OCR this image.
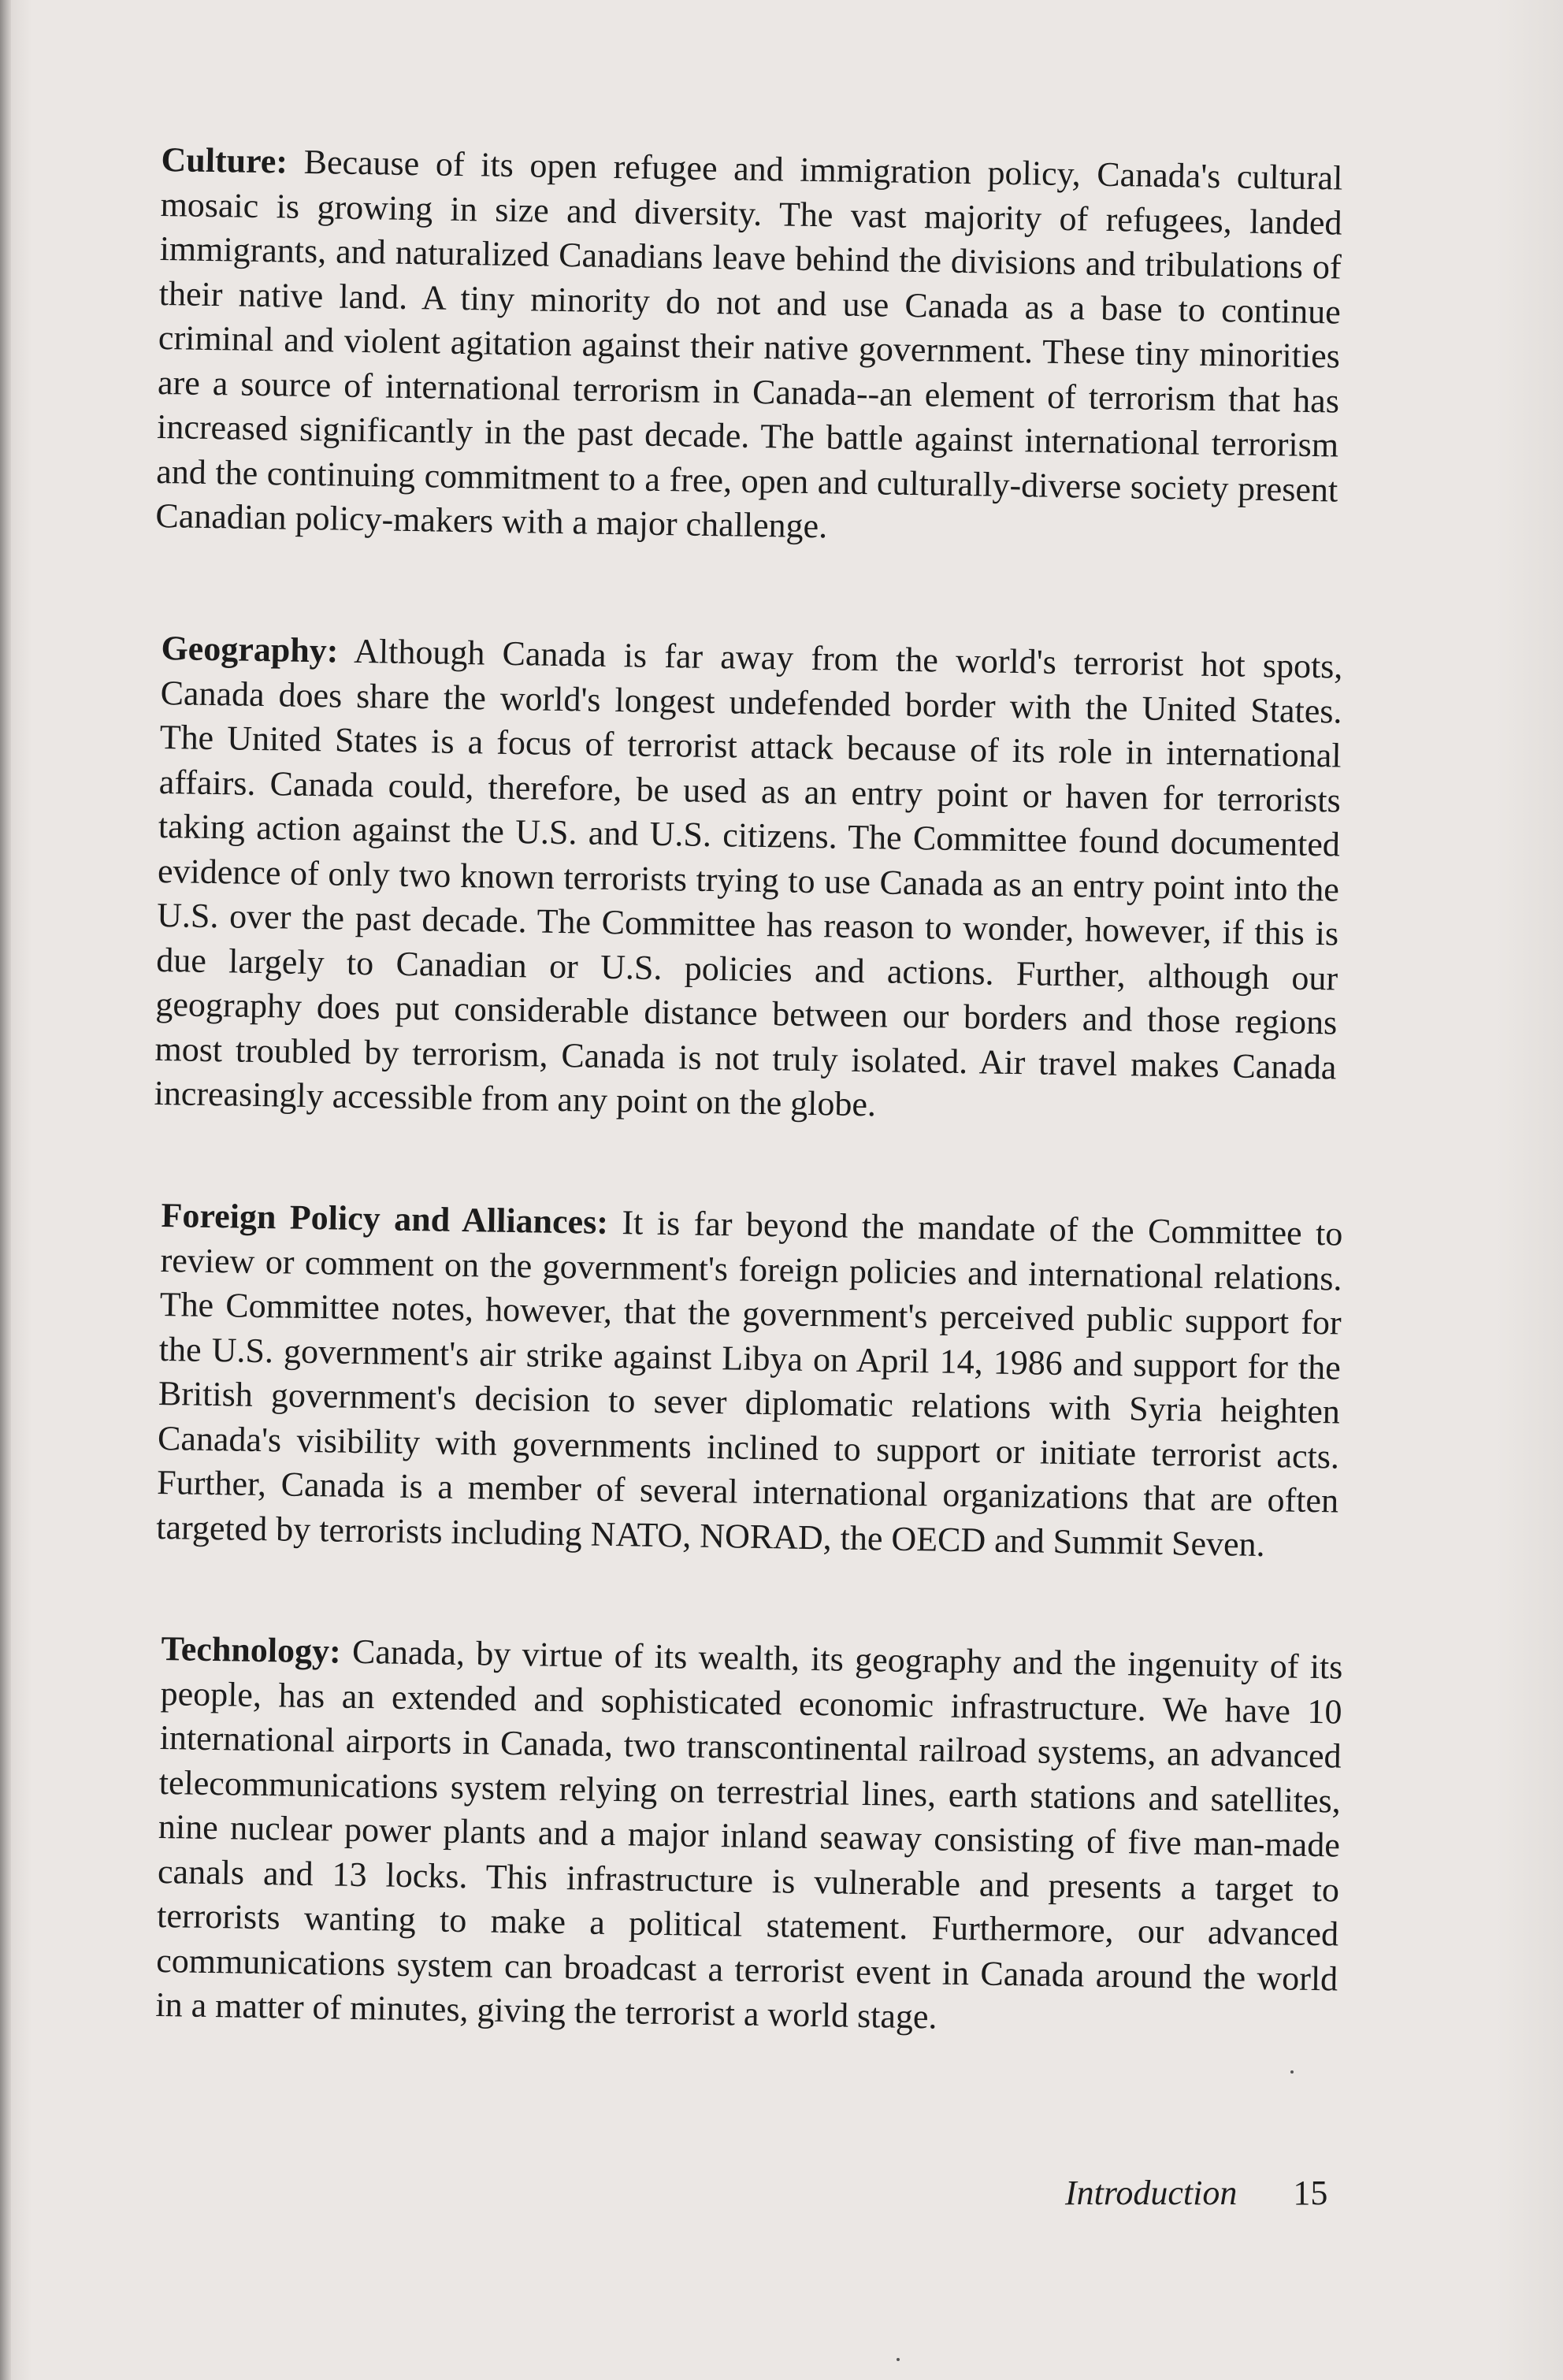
Culture: Because of its open refugee and immigration policy, Canada's cultural mosaic is growing in size and diversity. The vast majority of refugees, landed immigrants, and naturalized Canadians leave behind the divisions and tribulations of their native land. A tiny minority do not and use Canada as a base to continue criminal and violent agitation against their native government. These tiny minorities are a source of international terrorism in Canada--an element of terrorism that has increased significantly in the past decade. The battle against international terrorism and the continuing commitment to a free, open and culturally-diverse society present Canadian policy-makers with a major challenge.

Geography: Although Canada is far away from the world's terrorist hot spots, Canada does share the world's longest undefended border with the United States. The United States is a focus of terrorist attack because of its role in international affairs. Canada could, therefore, be used as an entry point or haven for terrorists taking action against the U.S. and U.S. citizens. The Committee found documented evidence of only two known terrorists trying to use Canada as an entry point into the U.S. over the past decade. The Committee has reason to wonder, however, if this is due largely to Canadian or U.S. policies and actions. Further, although our geography does put considerable distance between our borders and those regions most troubled by terrorism, Canada is not truly isolated. Air travel makes Canada increasingly accessible from any point on the globe.

Foreign Policy and Alliances: It is far beyond the mandate of the Committee to review or comment on the government's foreign policies and international relations. The Committee notes, however, that the government's perceived public support for the U.S. government's air strike against Libya on April 14, 1986 and support for the British government's decision to sever diplomatic relations with Syria heighten Canada's visibility with governments inclined to support or initiate terrorist acts. Further, Canada is a member of several international organizations that are often targeted by terrorists including NATO, NORAD, the OECD and Summit Seven.

Technology: Canada, by virtue of its wealth, its geography and the ingenuity of its people, has an extended and sophisticated economic infrastructure. We have 10 international airports in Canada, two transcontinental railroad systems, an advanced telecommunications system relying on terrestrial lines, earth stations and satellites, nine nuclear power plants and a major inland seaway consisting of five man-made canals and 13 locks. This infrastructure is vulnerable and presents a target to terrorists wanting to make a political statement. Furthermore, our advanced communications system can broadcast a terrorist event in Canada around the world in a matter of minutes, giving the terrorist a world stage.

Introduction 15
